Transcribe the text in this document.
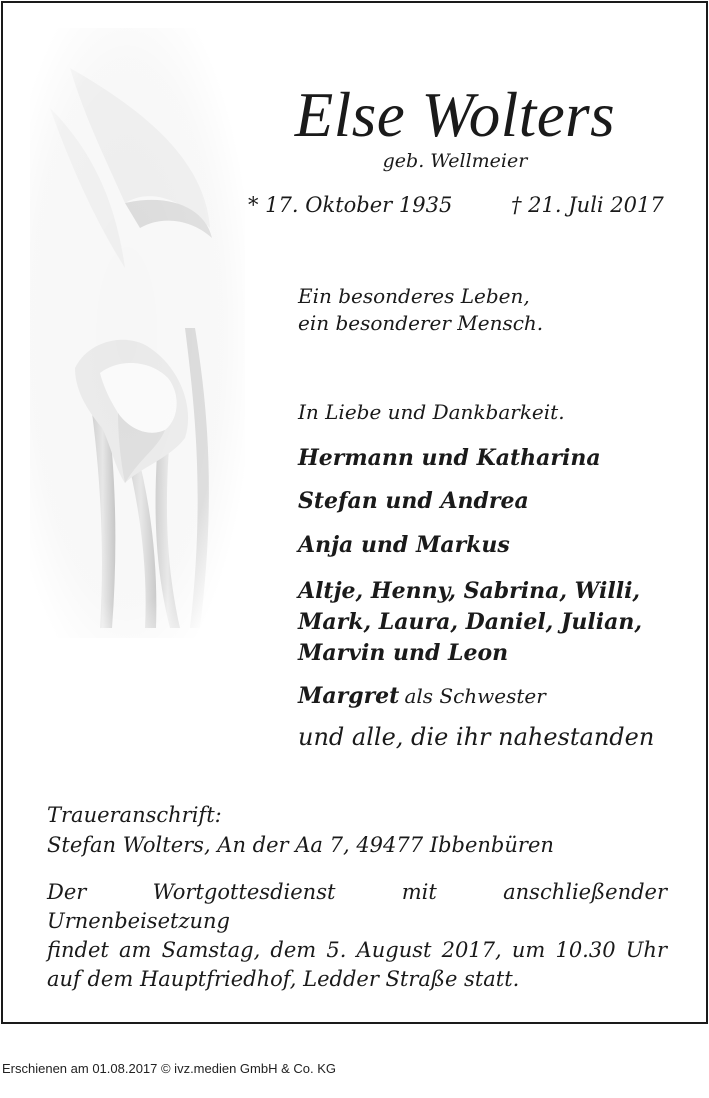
Else Wolters
geb. Wellmeier
* 17. Oktober 1935	† 21. Juli 2017
Ein besonderes Leben,
ein besonderer Mensch.
In Liebe und Dankbarkeit.
Hermann und Katharina
Stefan und Andrea
Anja und Markus
Altje, Henny, Sabrina, Willi,
Mark, Laura, Daniel, Julian,
Marvin und Leon
Margret als Schwester
und alle, die ihr nahestanden
Traueranschrift:
Stefan Wolters, An der Aa 7, 49477 Ibbenbüren
Der Wortgottesdienst mit anschließender Urnenbeisetzung
findet am Samstag, dem 5. August 2017, um 10.30 Uhr
auf dem Hauptfriedhof, Ledder Straße statt.
Erschienen am 01.08.2017 © ivz.medien GmbH & Co. KG
